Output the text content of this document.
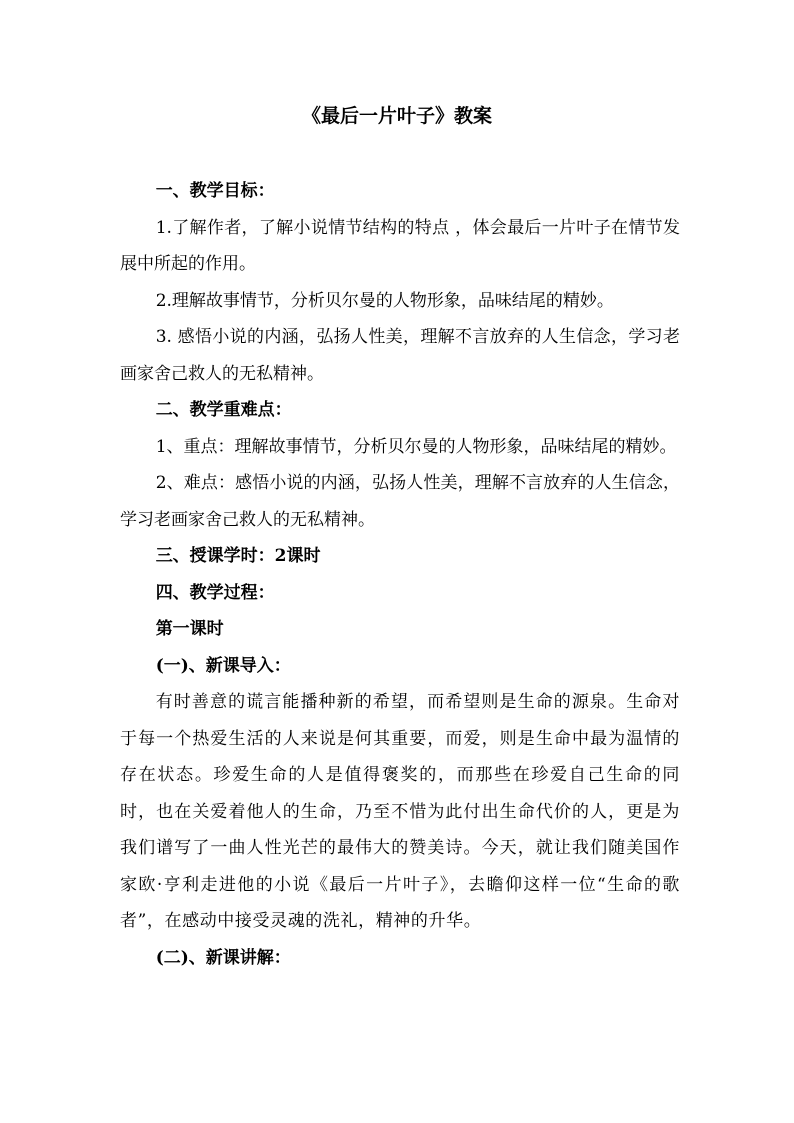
《最后一片叶子》教案

一、教学目标：

1.了解作者，了解小说情节结构的特点 ，体会最后一片叶子在情节发展中所起的作用。

2.理解故事情节，分析贝尔曼的人物形象，品味结尾的精妙。

3. 感悟小说的内涵，弘扬人性美，理解不言放弃的人生信念，学习老画家舍己救人的无私精神。

二、教学重难点：

1、重点：理解故事情节，分析贝尔曼的人物形象，品味结尾的精妙。

2、难点：感悟小说的内涵，弘扬人性美，理解不言放弃的人生信念，学习老画家舍己救人的无私精神。

三、授课学时：2课时

四、教学过程：

第一课时

(一)、新课导入：

有时善意的谎言能播种新的希望，而希望则是生命的源泉。生命对于每一个热爱生活的人来说是何其重要，而爱，则是生命中最为温情的存在状态。珍爱生命的人是值得褒奖的，而那些在珍爱自己生命的同时，也在关爱着他人的生命，乃至不惜为此付出生命代价的人，更是为我们谱写了一曲人性光芒的最伟大的赞美诗。今天，就让我们随美国作家欧·亨利走进他的小说《最后一片叶子》，去瞻仰这样一位“生命的歌者”，在感动中接受灵魂的洗礼，精神的升华。

(二)、新课讲解：
